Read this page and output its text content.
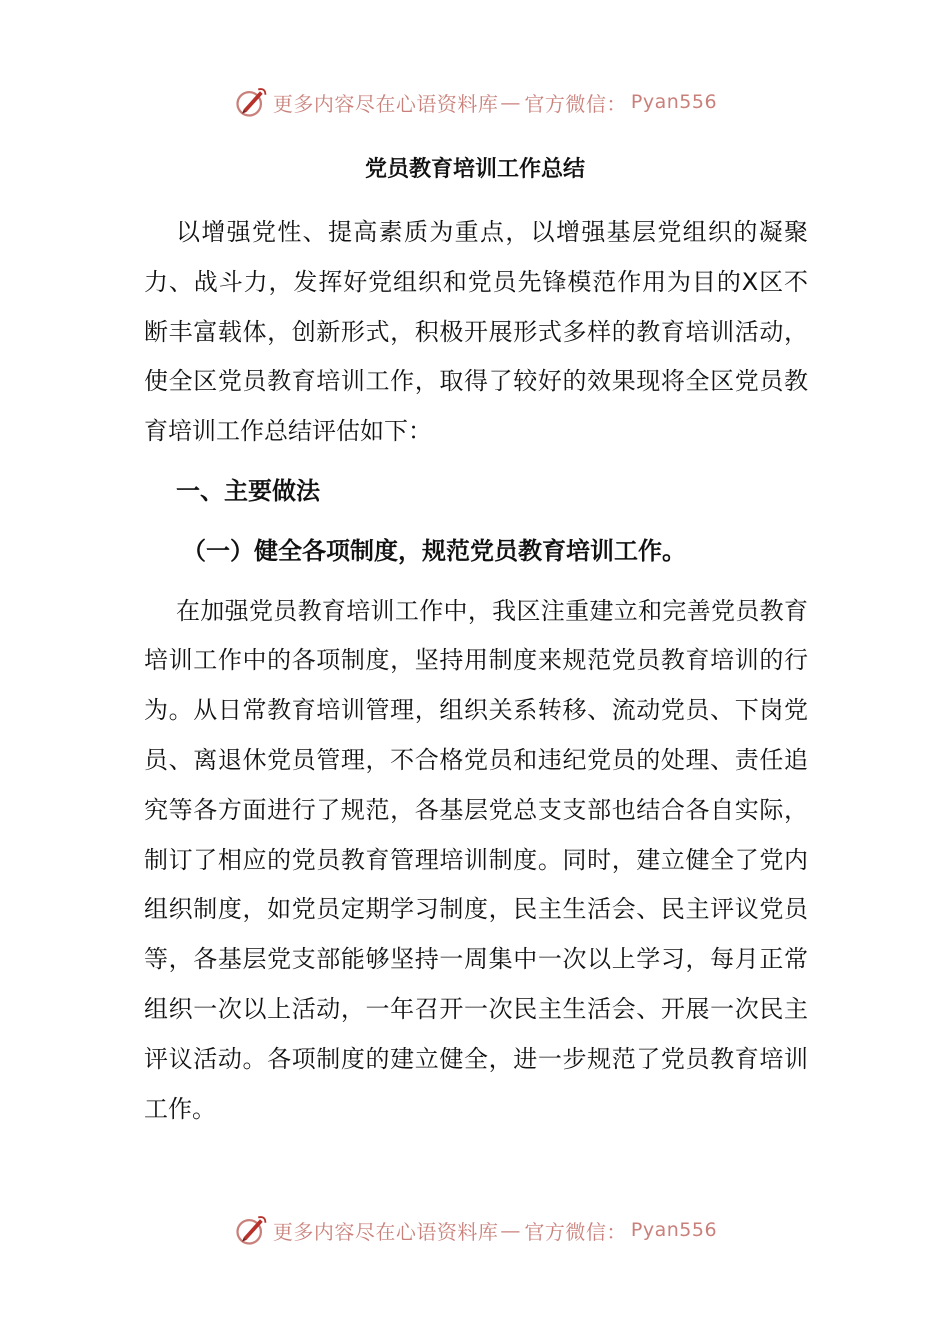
更多内容尽在心语资料库 — 官方微信： Pyan556
党员教育培训工作总结

以增强党性、提高素质为重点，以增强基层党组织的凝聚力、战斗力，发挥好党组织和党员先锋模范作用为目的X区不断丰富载体，创新形式，积极开展形式多样的教育培训活动，使全区党员教育培训工作，取得了较好的效果现将全区党员教育培训工作总结评估如下：

一、主要做法

（一）健全各项制度，规范党员教育培训工作。

在加强党员教育培训工作中，我区注重建立和完善党员教育培训工作中的各项制度，坚持用制度来规范党员教育培训的行为。从日常教育培训管理，组织关系转移、流动党员、下岗党员、离退休党员管理，不合格党员和违纪党员的处理、责任追究等各方面进行了规范，各基层党总支支部也结合各自实际，制订了相应的党员教育管理培训制度。同时，建立健全了党内组织制度，如党员定期学习制度，民主生活会、民主评议党员等，各基层党支部能够坚持一周集中一次以上学习，每月正常组织一次以上活动，一年召开一次民主生活会、开展一次民主评议活动。各项制度的建立健全，进一步规范了党员教育培训工作。

更多内容尽在心语资料库 — 官方微信： Pyan556
